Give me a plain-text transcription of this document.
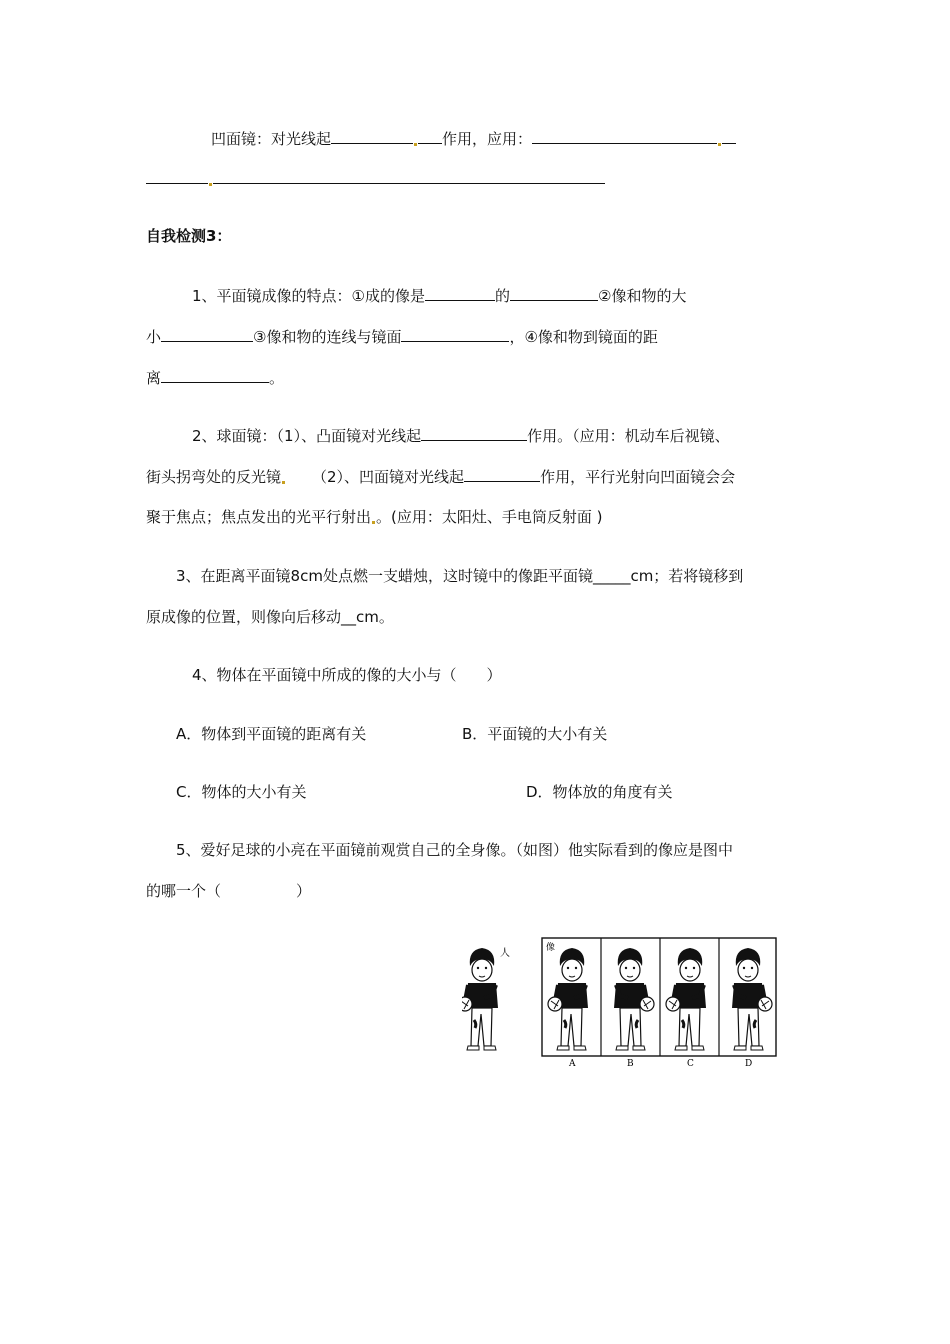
凹面镜：对光线起	作用，应用：
自我检测3：
1、平面镜成像的特点：①成的像是	的	②像和物的大
小	③像和物的连线与镜面	，④像和物到镜面的距
离	。
2、球面镜：（1）、凸面镜对光线起	作用。（应用：机动车后视镜、
街头拐弯处的反光镜 （2）、凹面镜对光线起	作用，平行光射向凹面镜会会
聚于焦点；焦点发出的光平行射出 。(应用：太阳灶、手电筒反射面 )
3、在距离平面镜8cm处点燃一支蜡烛，这时镜中的像距平面镜_____cm；若将镜移到
原成像的位置，则像向后移动__cm。
4、物体在平面镜中所成的像的大小与（　　）
A．物体到平面镜的距离有关	B．平面镜的大小有关
C．物体的大小有关	D．物体放的角度有关
5、爱好足球的小亮在平面镜前观赏自己的全身像。（如图）他实际看到的像应是图中
的哪一个（　　　　　）
人	像
A	B	C	D
